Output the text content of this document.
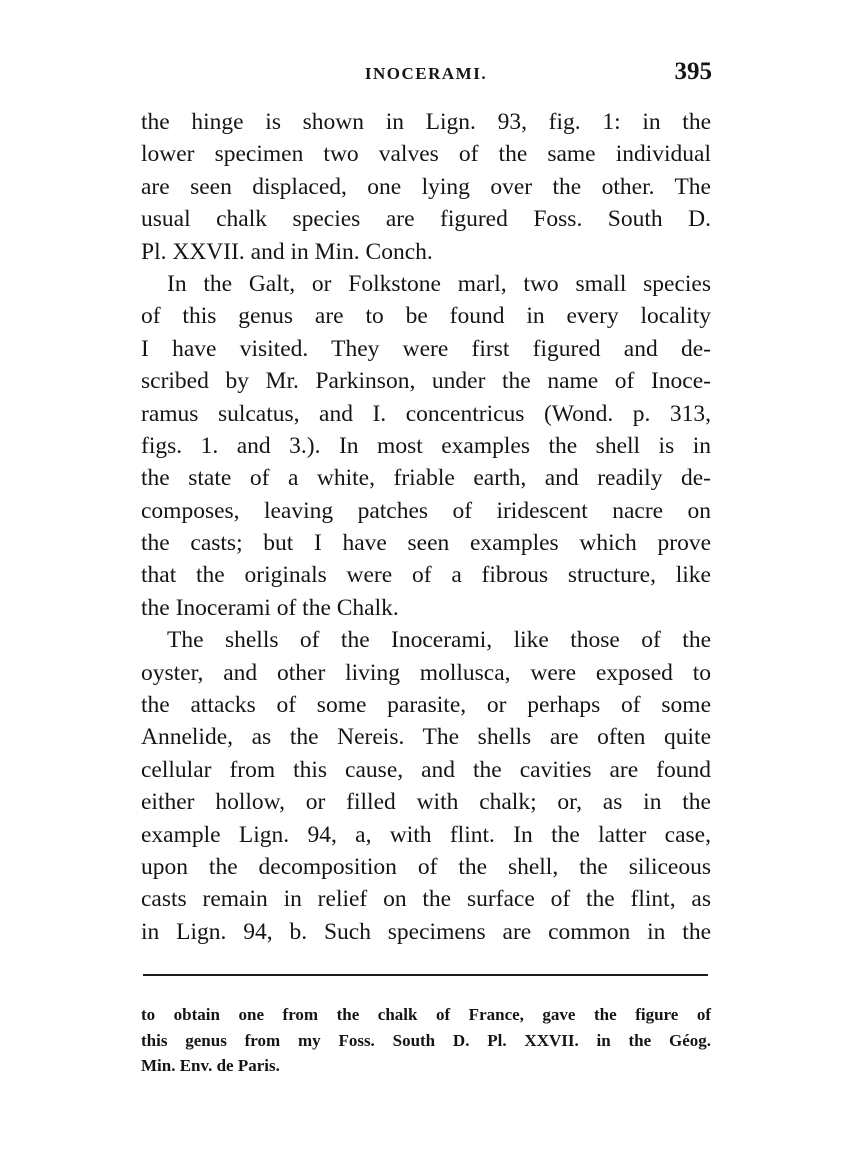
INOCERAMI.	395
the hinge is shown in Lign. 93, fig. 1: in the
lower specimen two valves of the same individual
are seen displaced, one lying over the other. The
usual chalk species are figured Foss. South D.
Pl. XXVII. and in Min. Conch.
In the Galt, or Folkstone marl, two small species
of this genus are to be found in every locality
I have visited. They were first figured and de-
scribed by Mr. Parkinson, under the name of Inoce-
ramus sulcatus, and I. concentricus (Wond. p. 313,
figs. 1. and 3.). In most examples the shell is in
the state of a white, friable earth, and readily de-
composes, leaving patches of iridescent nacre on
the casts; but I have seen examples which prove
that the originals were of a fibrous structure, like
the Inocerami of the Chalk.
The shells of the Inocerami, like those of the
oyster, and other living mollusca, were exposed to
the attacks of some parasite, or perhaps of some
Annelide, as the Nereis. The shells are often quite
cellular from this cause, and the cavities are found
either hollow, or filled with chalk; or, as in the
example Lign. 94, a, with flint. In the latter case,
upon the decomposition of the shell, the siliceous
casts remain in relief on the surface of the flint, as
in Lign. 94, b. Such specimens are common in the
to obtain one from the chalk of France, gave the figure of
this genus from my Foss. South D. Pl. XXVII. in the Géog.
Min. Env. de Paris.
